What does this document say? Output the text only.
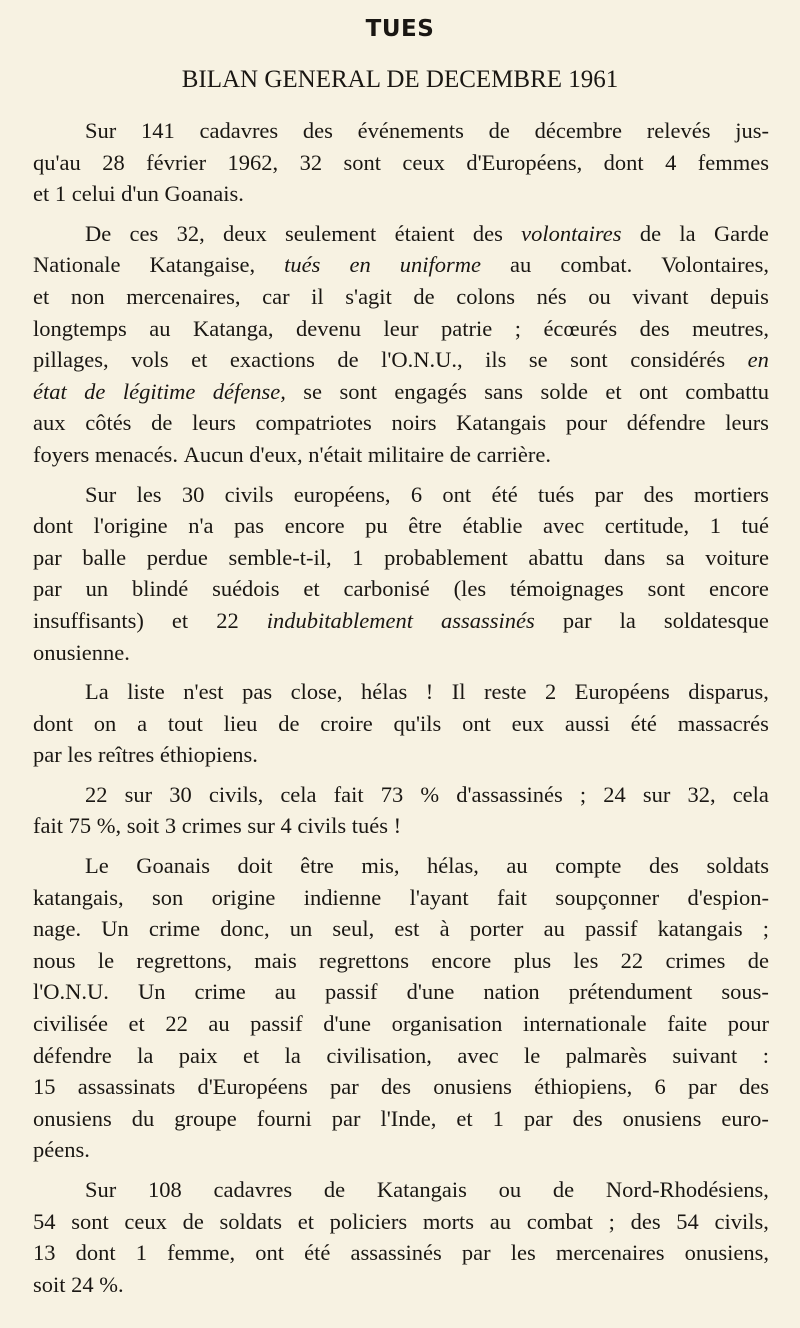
TUES
BILAN GENERAL DE DECEMBRE 1961
Sur 141 cadavres des événements de décembre relevés jus-
qu'au 28 février 1962, 32 sont ceux d'Européens, dont 4 femmes
et 1 celui d'un Goanais.
De ces 32, deux seulement étaient des volontaires de la Garde
Nationale Katangaise, tués en uniforme au combat. Volontaires,
et non mercenaires, car il s'agit de colons nés ou vivant depuis
longtemps au Katanga, devenu leur patrie ; écœurés des meutres,
pillages, vols et exactions de l'O.N.U., ils se sont considérés en
état de légitime défense, se sont engagés sans solde et ont combattu
aux côtés de leurs compatriotes noirs Katangais pour défendre leurs
foyers menacés. Aucun d'eux, n'était militaire de carrière.
Sur les 30 civils européens, 6 ont été tués par des mortiers
dont l'origine n'a pas encore pu être établie avec certitude, 1 tué
par balle perdue semble-t-il, 1 probablement abattu dans sa voiture
par un blindé suédois et carbonisé (les témoignages sont encore
insuffisants) et 22 indubitablement assassinés par la soldatesque
onusienne.
La liste n'est pas close, hélas ! Il reste 2 Européens disparus,
dont on a tout lieu de croire qu'ils ont eux aussi été massacrés
par les reîtres éthiopiens.
22 sur 30 civils, cela fait 73 % d'assassinés ; 24 sur 32, cela
fait 75 %, soit 3 crimes sur 4 civils tués !
Le Goanais doit être mis, hélas, au compte des soldats
katangais, son origine indienne l'ayant fait soupçonner d'espion-
nage. Un crime donc, un seul, est à porter au passif katangais ;
nous le regrettons, mais regrettons encore plus les 22 crimes de
l'O.N.U. Un crime au passif d'une nation prétendument sous-
civilisée et 22 au passif d'une organisation internationale faite pour
défendre la paix et la civilisation, avec le palmarès suivant :
15 assassinats d'Européens par des onusiens éthiopiens, 6 par des
onusiens du groupe fourni par l'Inde, et 1 par des onusiens euro-
péens.
Sur 108 cadavres de Katangais ou de Nord-Rhodésiens,
54 sont ceux de soldats et policiers morts au combat ; des 54 civils,
13 dont 1 femme, ont été assassinés par les mercenaires onusiens,
soit 24 %.
